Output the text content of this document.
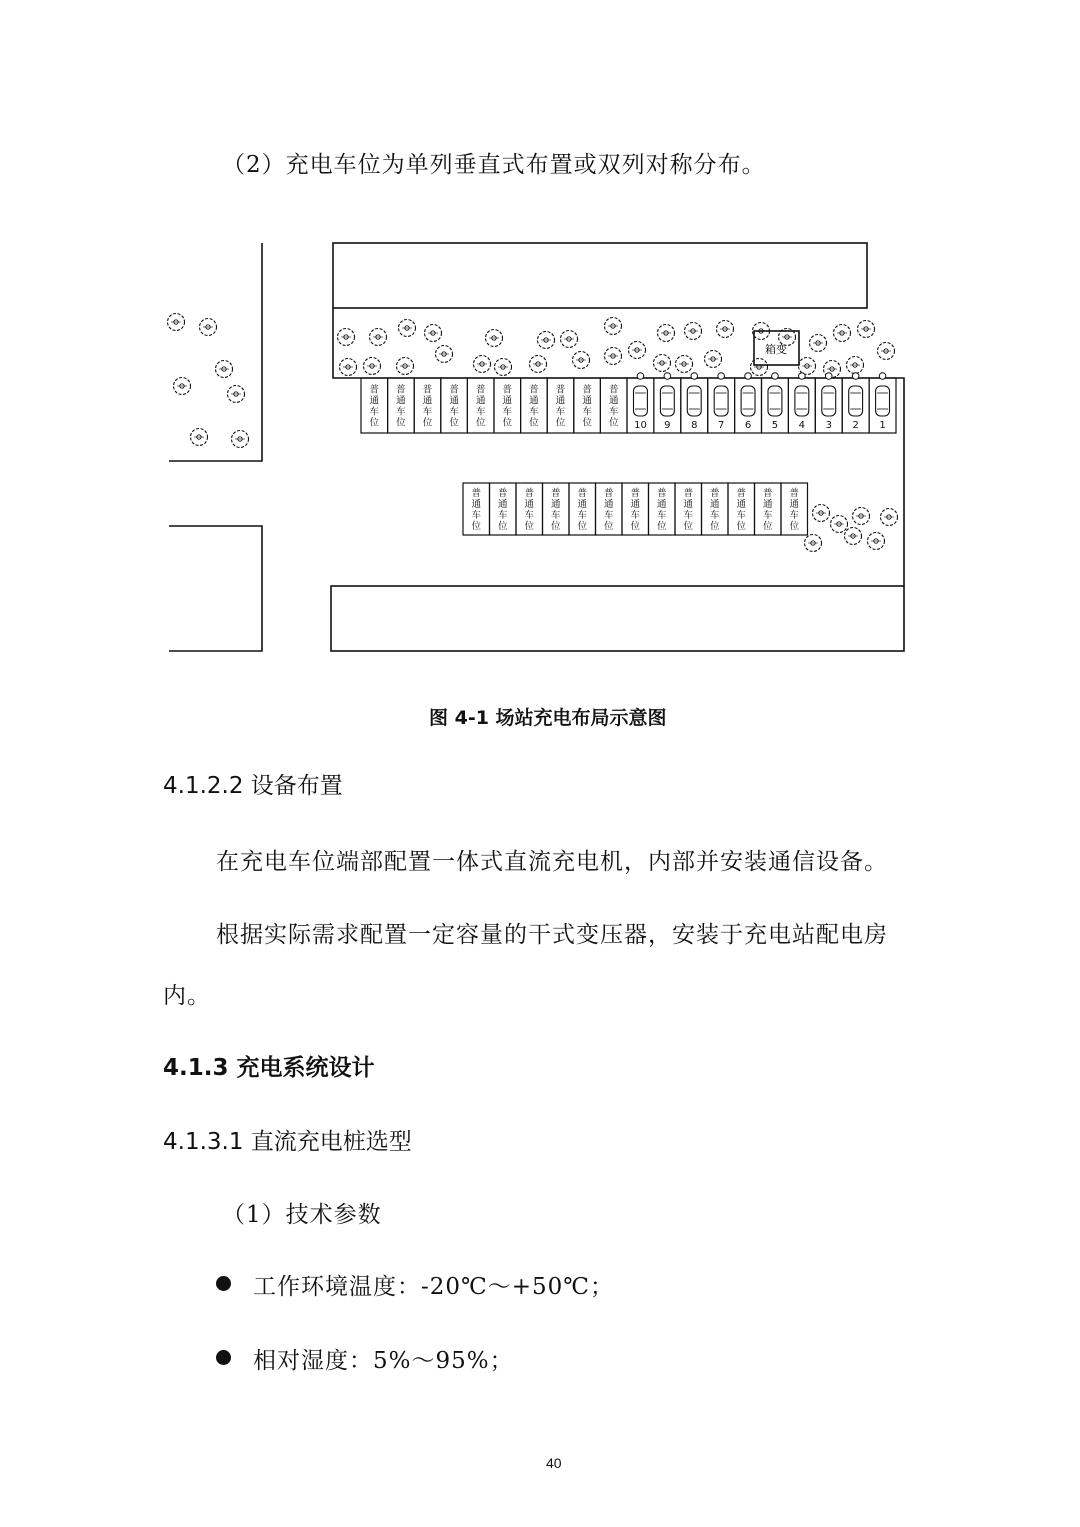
（2）充电车位为单列垂直式布置或双列对称分布。
普
通
车
位
普
通
车
位
普
通
车
位
普
通
车
位
普
通
车
位
普
通
车
位
普
通
车
位
普
通
车
位
普
通
车
位
普
通
车
位 10 9 8 7 6 5 4 3 2 1
普
通
车
位
普
通
车
位
普
通
车
位
普
通
车
位
普
通
车
位
普
通
车
位
普
通
车
位
普
通
车
位
普
通
车
位
普
通
车
位
普
通
车
位
普
通
车
位
普
通
车
位
箱变
图 4-1 场站充电布局示意图
4.1.2.2 设备布置
在充电车位端部配置一体式直流充电机，内部并安装通信设备。
根据实际需求配置一定容量的干式变压器，安装于充电站配电房
内。
4.1.3 充电系统设计
4.1.3.1 直流充电桩选型
（1）技术参数
工作环境温度：-20℃～+50℃；
相对湿度：5%～95%；
40
